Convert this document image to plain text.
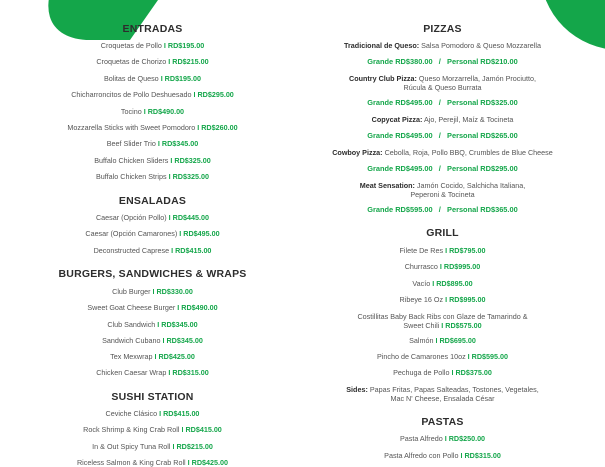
ENTRADAS
Croquetas de Pollo I RD$195.00
Croquetas de Chorizo I RD$215.00
Bolitas de Queso I RD$195.00
Chicharroncitos de Pollo Deshuesado I RD$295.00
Tocino I RD$490.00
Mozzarella Sticks with Sweet Pomodoro I RD$260.00
Beef Slider Trio I RD$345.00
Buffalo Chicken Sliders I RD$325.00
Buffalo Chicken Strips I RD$325.00
ENSALADAS
Caesar (Opción Pollo) I RD$445.00
Caesar (Opción Camarones) I RD$495.00
Deconstructed Caprese I RD$415.00
BURGERS, SANDWICHES & WRAPS
Club Burger I RD$330.00
Sweet Goat Cheese Burger I RD$490.00
Club Sandwich I RD$345.00
Sandwich Cubano I RD$345.00
Tex Mexwrap I RD$425.00
Chicken Caesar Wrap I RD$315.00
SUSHI STATION
Ceviche Clásico I RD$415.00
Rock Shrimp & King Crab Roll I RD$415.00
In & Out Spicy Tuna Roll I RD$215.00
Riceless Salmon & King Crab Roll I RD$425.00
PIZZAS
Tradicional de Queso: Salsa Pomodoro & Queso Mozzarella
Grande RD$380.00 / Personal RD$210.00
Country Club Pizza: Queso Morzarrella, Jamón Prociutto,
Rúcula & Queso Burrata
Grande RD$495.00 / Personal RD$325.00
Copycat Pizza: Ajo, Perejil, Maíz & Tocineta
Grande RD$495.00 / Personal RD$265.00
Cowboy Pizza: Cebolla, Roja, Pollo BBQ, Crumbles de Blue Cheese
Grande RD$495.00 / Personal RD$295.00
Meat Sensation: Jamón Cocido, Salchicha Italiana,
Peperoni & Tocineta
Grande RD$595.00 / Personal RD$365.00
GRILL
Filete De Res I RD$795.00
Churrasco I RD$995.00
Vacío I RD$895.00
Ribeye 16 Oz I RD$995.00
Costillitas Baby Back Ribs con Glaze de Tamarindo &
Sweet Chili I RD$575.00
Salmón I RD$695.00
Pincho de Camarones 10oz I RD$595.00
Pechuga de Pollo I RD$375.00
Sides: Papas Fritas, Papas Salteadas, Tostones, Vegetales,
Mac N' Cheese, Ensalada César
PASTAS
Pasta Alfredo I RD$250.00
Pasta Alfredo con Pollo I RD$315.00
